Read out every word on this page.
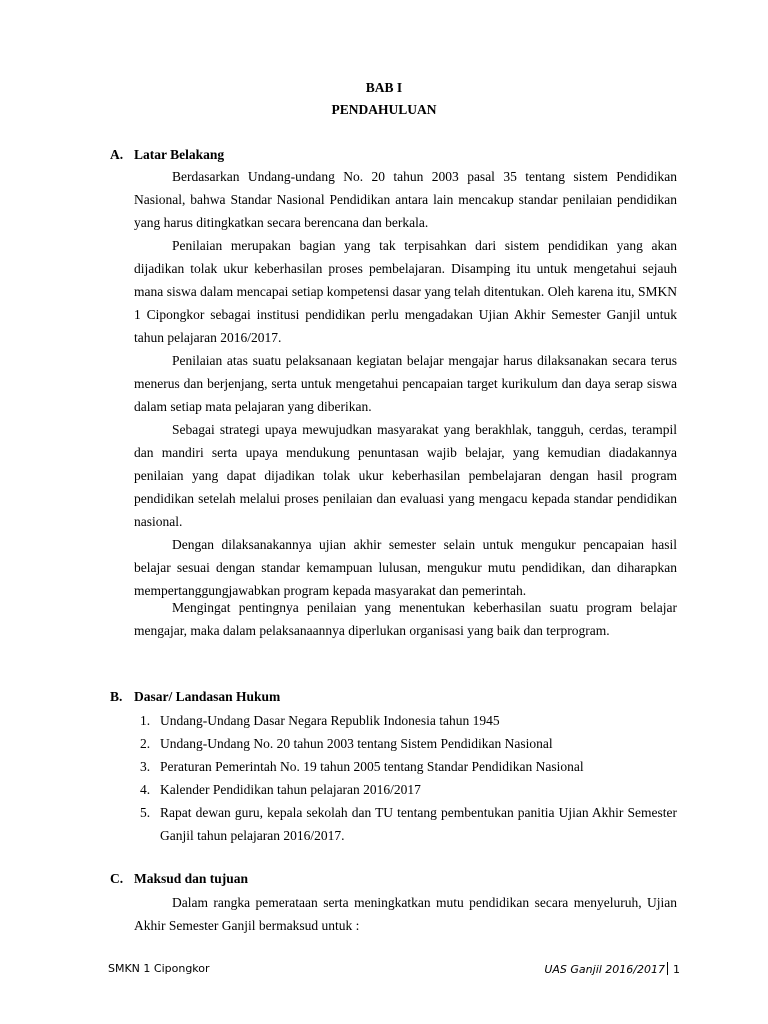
BAB I
PENDAHULUAN
A. Latar Belakang

Berdasarkan Undang-undang No. 20 tahun 2003 pasal 35 tentang sistem Pendidikan Nasional, bahwa Standar Nasional Pendidikan antara lain mencakup standar penilaian pendidikan yang harus ditingkatkan secara berencana dan berkala.

Penilaian merupakan bagian yang tak terpisahkan dari sistem pendidikan yang akan dijadikan tolak ukur keberhasilan proses pembelajaran. Disamping itu untuk mengetahui sejauh mana siswa dalam mencapai setiap kompetensi dasar yang telah ditentukan. Oleh karena itu, SMKN 1 Cipongkor sebagai institusi pendidikan perlu mengadakan Ujian Akhir Semester Ganjil untuk tahun pelajaran 2016/2017.

Penilaian atas suatu pelaksanaan kegiatan belajar mengajar harus dilaksanakan secara terus menerus dan berjenjang, serta untuk mengetahui pencapaian target kurikulum dan daya serap siswa dalam setiap mata pelajaran yang diberikan.

Sebagai strategi upaya mewujudkan masyarakat yang berakhlak, tangguh, cerdas, terampil dan mandiri serta upaya mendukung penuntasan wajib belajar, yang kemudian diadakannya penilaian yang dapat dijadikan tolak ukur keberhasilan pembelajaran dengan hasil program pendidikan setelah melalui proses penilaian dan evaluasi yang mengacu kepada standar pendidikan nasional.

Dengan dilaksanakannya ujian akhir semester selain untuk mengukur pencapaian hasil belajar sesuai dengan standar kemampuan lulusan, mengukur mutu pendidikan, dan diharapkan mempertanggungjawabkan program kepada masyarakat dan pemerintah.

Mengingat pentingnya penilaian yang menentukan keberhasilan suatu program belajar mengajar, maka dalam pelaksanaannya diperlukan organisasi yang baik dan terprogram.

B. Dasar/ Landasan Hukum
1. Undang-Undang Dasar Negara Republik Indonesia tahun 1945
2. Undang-Undang No. 20 tahun 2003 tentang Sistem Pendidikan Nasional
3. Peraturan Pemerintah No. 19 tahun 2005 tentang Standar Pendidikan Nasional
4. Kalender Pendidikan tahun pelajaran 2016/2017
5. Rapat dewan guru, kepala sekolah dan TU tentang pembentukan panitia Ujian Akhir Semester Ganjil tahun pelajaran 2016/2017.
C. Maksud dan tujuan

Dalam rangka pemerataan serta meningkatkan mutu pendidikan secara menyeluruh, Ujian Akhir Semester Ganjil bermaksud untuk :

SMKN 1 Cipongkor	UAS Ganjil 2016/2017 1
